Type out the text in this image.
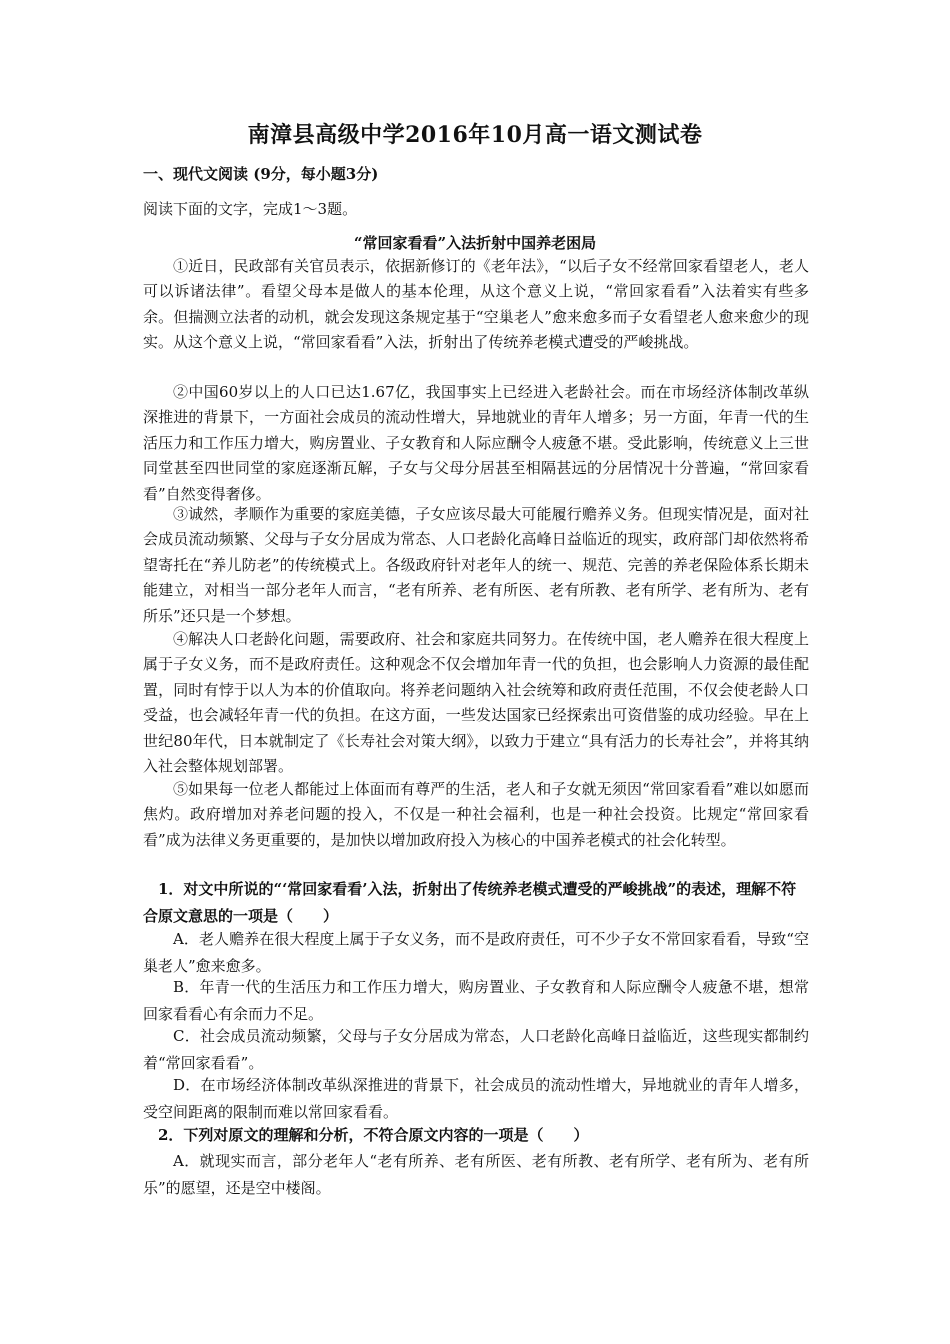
南漳县高级中学2016年10月高一语文测试卷
一、现代文阅读 (9分，每小题3分)
阅读下面的文字，完成1～3题。
“常回家看看”入法折射中国养老困局
①近日，民政部有关官员表示，依据新修订的《老年法》，“以后子女不经常回家看望老人，老人可以诉诸法律”。看望父母本是做人的基本伦理，从这个意义上说，“常回家看看”入法着实有些多余。但揣测立法者的动机，就会发现这条规定基于“空巢老人”愈来愈多而子女看望老人愈来愈少的现实。从这个意义上说，“常回家看看”入法，折射出了传统养老模式遭受的严峻挑战。
②中国60岁以上的人口已达1.67亿，我国事实上已经进入老龄社会。而在市场经济体制改革纵深推进的背景下，一方面社会成员的流动性增大，异地就业的青年人增多；另一方面，年青一代的生活压力和工作压力增大，购房置业、子女教育和人际应酬令人疲惫不堪。受此影响，传统意义上三世同堂甚至四世同堂的家庭逐渐瓦解，子女与父母分居甚至相隔甚远的分居情况十分普遍，“常回家看看”自然变得奢侈。
③诚然，孝顺作为重要的家庭美德，子女应该尽最大可能履行赡养义务。但现实情况是，面对社会成员流动频繁、父母与子女分居成为常态、人口老龄化高峰日益临近的现实，政府部门却依然将希望寄托在“养儿防老”的传统模式上。各级政府针对老年人的统一、规范、完善的养老保险体系长期未能建立，对相当一部分老年人而言，“老有所养、老有所医、老有所教、老有所学、老有所为、老有所乐”还只是一个梦想。
④解决人口老龄化问题，需要政府、社会和家庭共同努力。在传统中国，老人赡养在很大程度上属于子女义务，而不是政府责任。这种观念不仅会增加年青一代的负担，也会影响人力资源的最佳配置，同时有悖于以人为本的价值取向。将养老问题纳入社会统筹和政府责任范围，不仅会使老龄人口受益，也会减轻年青一代的负担。在这方面，一些发达国家已经探索出可资借鉴的成功经验。早在上世纪80年代，日本就制定了《长寿社会对策大纲》，以致力于建立“具有活力的长寿社会”，并将其纳入社会整体规划部署。
⑤如果每一位老人都能过上体面而有尊严的生活，老人和子女就无须因“常回家看看”难以如愿而焦灼。政府增加对养老问题的投入，不仅是一种社会福利，也是一种社会投资。比规定“常回家看看”成为法律义务更重要的，是加快以增加政府投入为核心的中国养老模式的社会化转型。
1．对文中所说的“‘常回家看看’入法，折射出了传统养老模式遭受的严峻挑战”的表述，理解不符合原文意思的一项是（　　）
A．老人赡养在很大程度上属于子女义务，而不是政府责任，可不少子女不常回家看看，导致“空巢老人”愈来愈多。
B．年青一代的生活压力和工作压力增大，购房置业、子女教育和人际应酬令人疲惫不堪，想常回家看看心有余而力不足。
C．社会成员流动频繁，父母与子女分居成为常态，人口老龄化高峰日益临近，这些现实都制约着“常回家看看”。
D．在市场经济体制改革纵深推进的背景下，社会成员的流动性增大，异地就业的青年人增多，受空间距离的限制而难以常回家看看。
2．下列对原文的理解和分析，不符合原文内容的一项是（　　）
A．就现实而言，部分老年人“老有所养、老有所医、老有所教、老有所学、老有所为、老有所乐”的愿望，还是空中楼阁。
